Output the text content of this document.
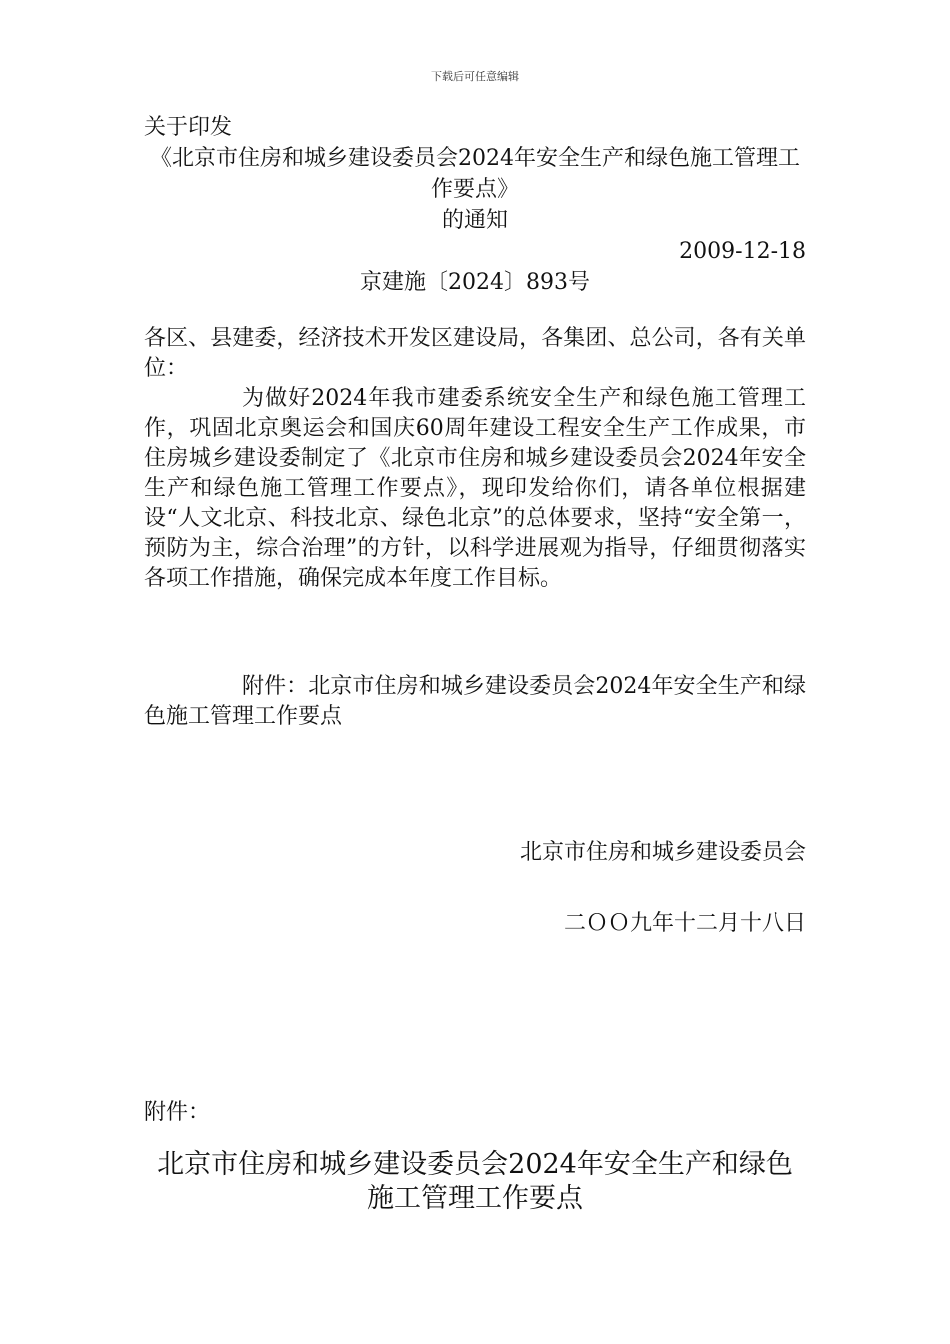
下载后可任意编辑

关于印发

《北京市住房和城乡建设委员会2024年安全生产和绿色施工管理工作要点》

的通知

2009-12-18

京建施〔2024〕893号

各区、县建委，经济技术开发区建设局，各集团、总公司，各有关单位：

为做好2024年我市建委系统安全生产和绿色施工管理工作，巩固北京奥运会和国庆60周年建设工程安全生产工作成果，市住房城乡建设委制定了《北京市住房和城乡建设委员会2024年安全生产和绿色施工管理工作要点》，现印发给你们，请各单位根据建设“人文北京、科技北京、绿色北京”的总体要求，坚持“安全第一，预防为主，综合治理”的方针，以科学进展观为指导，仔细贯彻落实各项工作措施，确保完成本年度工作目标。

附件：北京市住房和城乡建设委员会2024年安全生产和绿色施工管理工作要点

北京市住房和城乡建设委员会

二ＯＯ九年十二月十八日

附件：

北京市住房和城乡建设委员会2024年安全生产和绿色施工管理工作要点
